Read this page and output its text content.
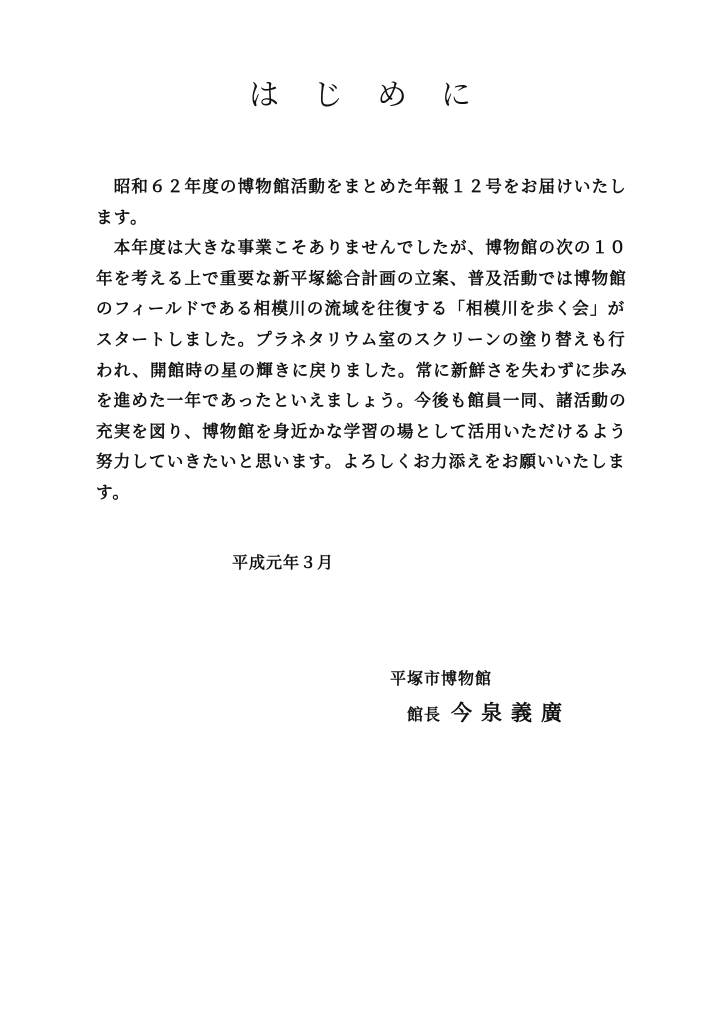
はじめに
　昭和６２年度の博物館活動をまとめた年報１２号をお届けいたし
ます。
　本年度は大きな事業こそありませんでしたが、博物館の次の１０
年を考える上で重要な新平塚総合計画の立案、普及活動では博物館
のフィールドである相模川の流域を往復する「相模川を歩く会」が
スタートしました。プラネタリウム室のスクリーンの塗り替えも行
われ、開館時の星の輝きに戻りました。常に新鮮さを失わずに歩み
を進めた一年であったといえましょう。今後も館員一同、諸活動の
充実を図り、博物館を身近かな学習の場として活用いただけるよう
努力していきたいと思います。よろしくお力添えをお願いいたしま
す。
平成元年３月
平塚市博物館
館長 今泉義廣
